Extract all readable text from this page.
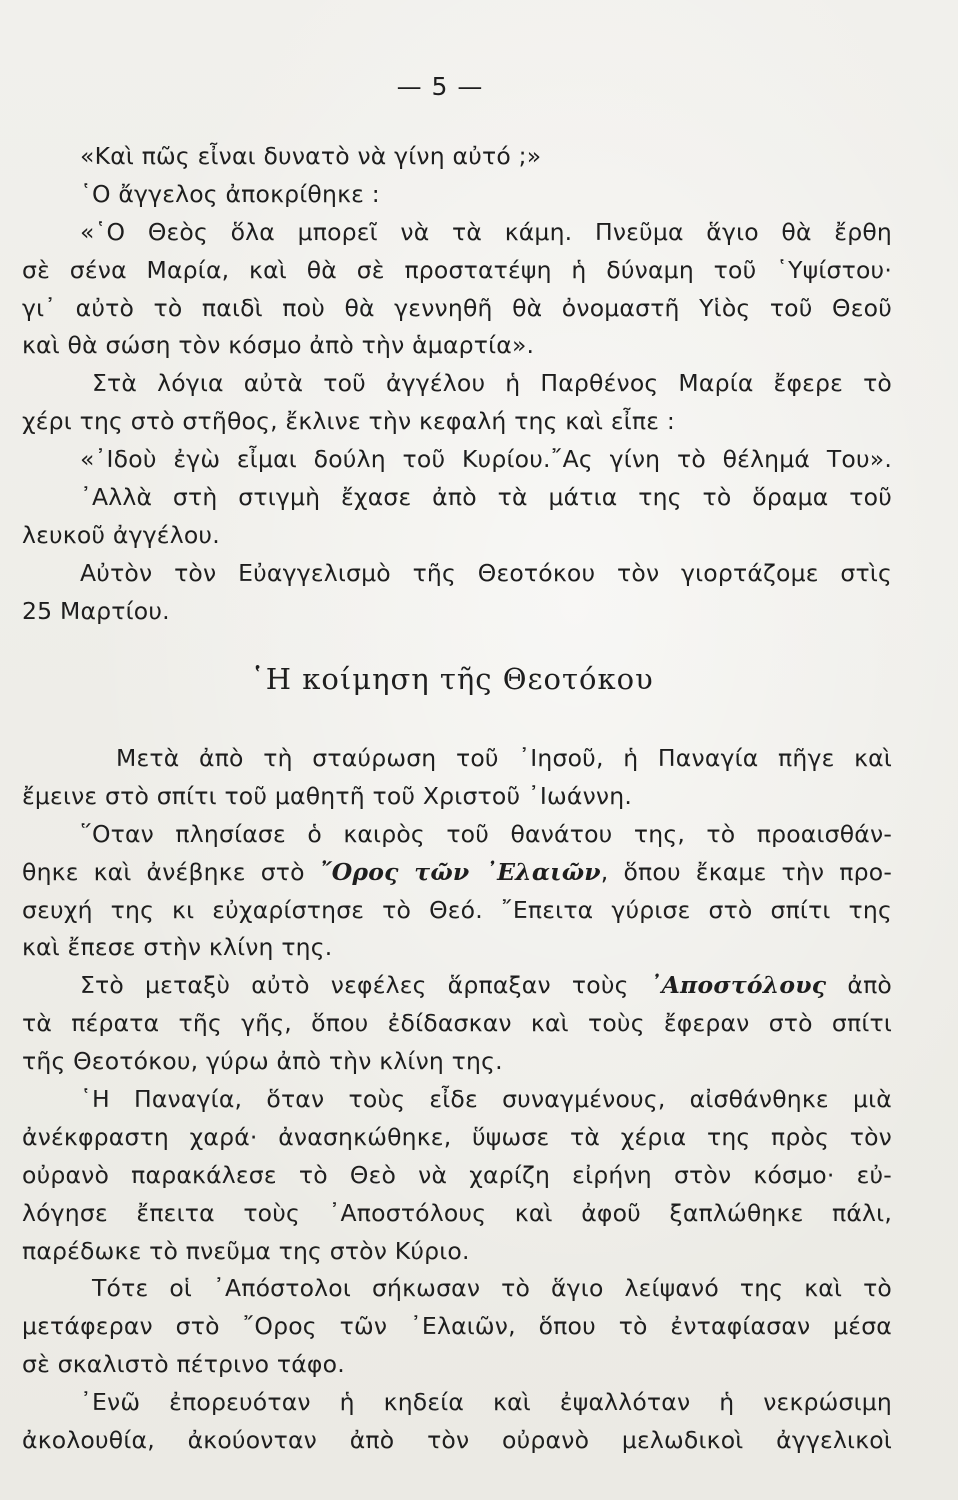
— 5 —
«Καὶ πῶς εἶναι δυνατὸ νὰ γίνη αὐτό ;»
῾Ο ἄγγελος ἀποκρίθηκε :
«῾Ο Θεὸς ὅλα μπορεῖ νὰ τὰ κάμη. Πνεῦμα ἅγιο θὰ ἔρθη
σὲ σένα Μαρία, καὶ θὰ σὲ προστατέψη ἡ δύναμη τοῦ ῾Υψίστου·
γι᾿ αὐτὸ τὸ παιδὶ ποὺ θὰ γεννηθῆ θὰ ὀνομαστῆ Υἱὸς τοῦ Θεοῦ
καὶ θὰ σώση τὸν κόσμο ἀπὸ τὴν ἁμαρτία».
Στὰ λόγια αὐτὰ τοῦ ἀγγέλου ἡ Παρθένος Μαρία ἔφερε τὸ
χέρι της στὸ στῆθος, ἔκλινε τὴν κεφαλή της καὶ εἶπε :
«᾿Ιδοὺ ἐγὼ εἶμαι δούλη τοῦ Κυρίου.῎Ας γίνη τὸ θέλημά Του».
᾿Αλλὰ στὴ στιγμὴ ἔχασε ἀπὸ τὰ μάτια της τὸ ὅραμα τοῦ
λευκοῦ ἀγγέλου.
Αὐτὸν τὸν Εὐαγγελισμὸ τῆς Θεοτόκου τὸν γιορτάζομε στὶς
25 Μαρτίου.
῾Η κοίμηση τῆς Θεοτόκου
Μετὰ ἀπὸ τὴ σταύρωση τοῦ ᾿Ιησοῦ, ἡ Παναγία πῆγε καὶ
ἔμεινε στὸ σπίτι τοῦ μαθητῆ τοῦ Χριστοῦ ᾿Ιωάννη.
῞Οταν πλησίασε ὁ καιρὸς τοῦ θανάτου της, τὸ προαισθάν-
θηκε καὶ ἀνέβηκε στὸ ῎Ορος τῶν ᾿Ελαιῶν, ὅπου ἔκαμε τὴν προ-
σευχή της κι εὐχαρίστησε τὸ Θεό. ῎Επειτα γύρισε στὸ σπίτι της
καὶ ἔπεσε στὴν κλίνη της.
Στὸ μεταξὺ αὐτὸ νεφέλες ἅρπαξαν τοὺς ᾿Αποστόλους ἀπὸ
τὰ πέρατα τῆς γῆς, ὅπου ἐδίδασκαν καὶ τοὺς ἔφεραν στὸ σπίτι
τῆς Θεοτόκου, γύρω ἀπὸ τὴν κλίνη της.
῾Η Παναγία, ὅταν τοὺς εἶδε συναγμένους, αἰσθάνθηκε μιὰ
ἀνέκφραστη χαρά· ἀνασηκώθηκε, ὕψωσε τὰ χέρια της πρὸς τὸν
οὐρανὸ παρακάλεσε τὸ Θεὸ νὰ χαρίζη εἰρήνη στὸν κόσμο· εὐ-
λόγησε ἔπειτα τοὺς ᾿Αποστόλους καὶ ἀφοῦ ξαπλώθηκε πάλι,
παρέδωκε τὸ πνεῦμα της στὸν Κύριο.
Τότε οἱ ᾿Απόστολοι σήκωσαν τὸ ἅγιο λείψανό της καὶ τὸ
μετάφεραν στὸ ῎Ορος τῶν ᾿Ελαιῶν, ὅπου τὸ ἐνταφίασαν μέσα
σὲ σκαλιστὸ πέτρινο τάφο.
᾿Ενῶ ἐπορευόταν ἡ κηδεία καὶ ἐψαλλόταν ἡ νεκρώσιμη
ἀκολουθία, ἀκούονταν ἀπὸ τὸν οὐρανὸ μελωδικοὶ ἀγγελικοὶ
